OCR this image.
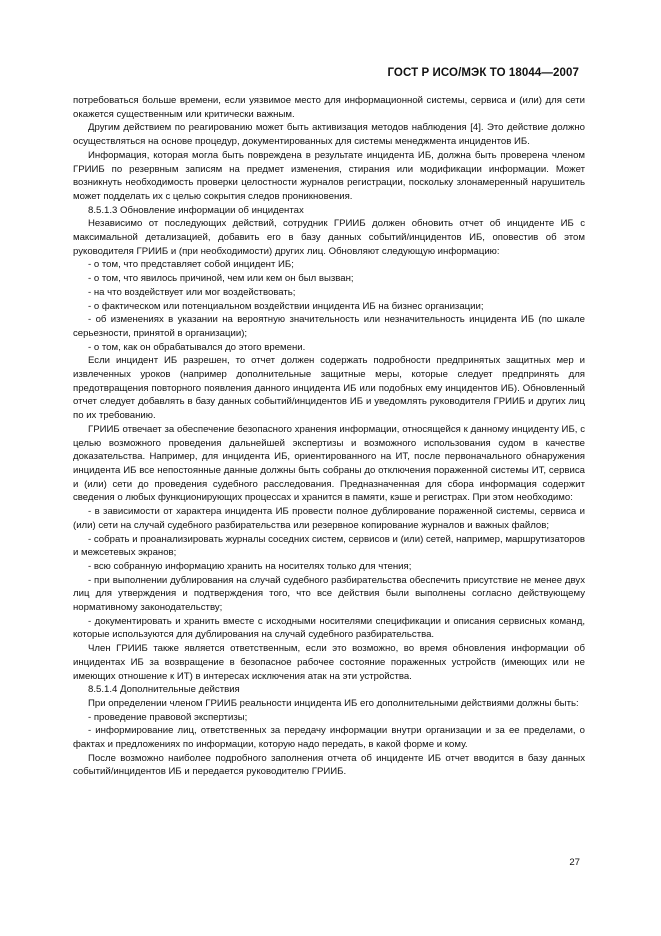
ГОСТ Р ИСО/МЭК ТО 18044—2007

потребоваться больше времени, если уязвимое место для информационной системы, сервиса и (или) для сети окажется существенным или критически важным.

Другим действием по реагированию может быть активизация методов наблюдения [4]. Это действие должно осуществляться на основе процедур, документированных для системы менеджмента инцидентов ИБ.

Информация, которая могла быть повреждена в результате инцидента ИБ, должна быть проверена членом ГРИИБ по резервным записям на предмет изменения, стирания или модификации информации. Может возникнуть необходимость проверки целостности журналов регистрации, поскольку злонамеренный нарушитель может подделать их с целью сокрытия следов проникновения.

8.5.1.3 Обновление информации об инцидентах

Независимо от последующих действий, сотрудник ГРИИБ должен обновить отчет об инциденте ИБ с максимальной детализацией, добавить его в базу данных событий/инцидентов ИБ, оповестив об этом руководителя ГРИИБ и (при необходимости) других лиц. Обновляют следующую информацию:

- о том, что представляет собой инцидент ИБ;

- о том, что явилось причиной, чем или кем он был вызван;

- на что воздействует или мог воздействовать;

- о фактическом или потенциальном воздействии инцидента ИБ на бизнес организации;

- об изменениях в указании на вероятную значительность или незначительность инцидента ИБ (по шкале серьезности, принятой в организации);

- о том, как он обрабатывался до этого времени.

Если инцидент ИБ разрешен, то отчет должен содержать подробности предпринятых защитных мер и извлеченных уроков (например дополнительные защитные меры, которые следует предпринять для предотвращения повторного появления данного инцидента ИБ или подобных ему инцидентов ИБ). Обновленный отчет следует добавлять в базу данных событий/инцидентов ИБ и уведомлять руководителя ГРИИБ и других лиц по их требованию.

ГРИИБ отвечает за обеспечение безопасного хранения информации, относящейся к данному инциденту ИБ, с целью возможного проведения дальнейшей экспертизы и возможного использования судом в качестве доказательства. Например, для инцидента ИБ, ориентированного на ИТ, после первоначального обнаружения инцидента ИБ все непостоянные данные должны быть собраны до отключения пораженной системы ИТ, сервиса и (или) сети до проведения судебного расследования. Предназначенная для сбора информация содержит сведения о любых функционирующих процессах и хранится в памяти, кэше и регистрах. При этом необходимо:

- в зависимости от характера инцидента ИБ провести полное дублирование пораженной системы, сервиса и (или) сети на случай судебного разбирательства или резервное копирование журналов и важных файлов;

- собрать и проанализировать журналы соседних систем, сервисов и (или) сетей, например, маршрутизаторов и межсетевых экранов;

- всю собранную информацию хранить на носителях только для чтения;

- при выполнении дублирования на случай судебного разбирательства обеспечить присутствие не менее двух лиц для утверждения и подтверждения того, что все действия были выполнены согласно действующему нормативному законодательству;

- документировать и хранить вместе с исходными носителями спецификации и описания сервисных команд, которые используются для дублирования на случай судебного разбирательства.

Член ГРИИБ также является ответственным, если это возможно, во время обновления информации об инцидентах ИБ за возвращение в безопасное рабочее состояние пораженных устройств (имеющих или не имеющих отношение к ИТ) в интересах исключения атак на эти устройства.

8.5.1.4 Дополнительные действия

При определении членом ГРИИБ реальности инцидента ИБ его дополнительными действиями должны быть:

- проведение правовой экспертизы;

- информирование лиц, ответственных за передачу информации внутри организации и за ее пределами, о фактах и предложениях по информации, которую надо передать, в какой форме и кому.

После возможно наиболее подробного заполнения отчета об инциденте ИБ отчет вводится в базу данных событий/инцидентов ИБ и передается руководителю ГРИИБ.

27
